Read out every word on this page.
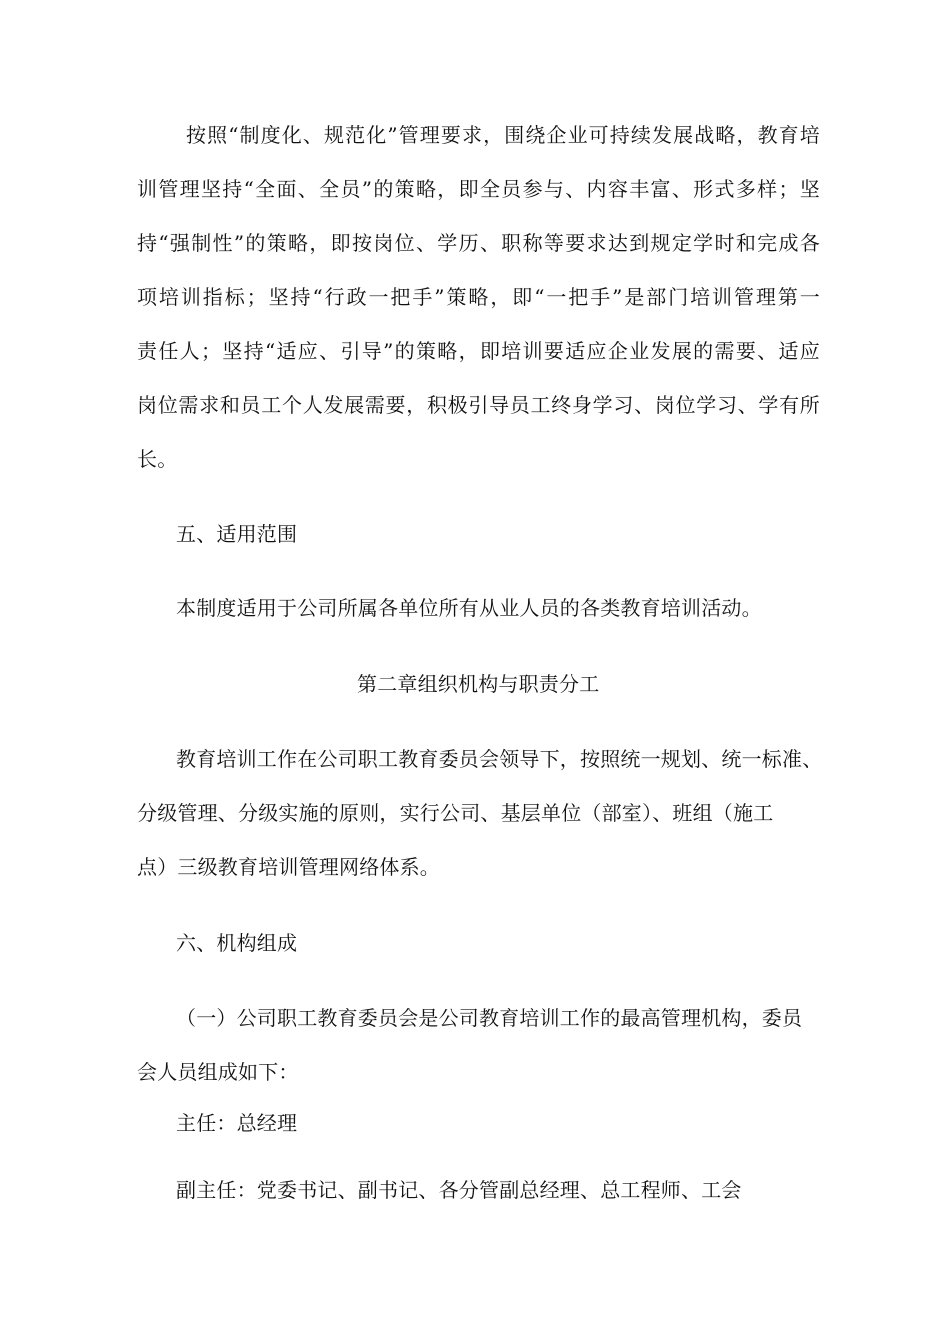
按照“制度化、规范化”管理要求，围绕企业可持续发展战略，教育培
训管理坚持“全面、全员”的策略，即全员参与、内容丰富、形式多样；坚
持“强制性”的策略，即按岗位、学历、职称等要求达到规定学时和完成各
项培训指标；坚持“行政一把手”策略，即“一把手”是部门培训管理第一
责任人；坚持“适应、引导”的策略，即培训要适应企业发展的需要、适应
岗位需求和员工个人发展需要，积极引导员工终身学习、岗位学习、学有所
长。
五、适用范围
本制度适用于公司所属各单位所有从业人员的各类教育培训活动。
第二章组织机构与职责分工
教育培训工作在公司职工教育委员会领导下，按照统一规划、统一标准、
分级管理、分级实施的原则，实行公司、基层单位（部室）、班组（施工
点）三级教育培训管理网络体系。
六、机构组成
（一）公司职工教育委员会是公司教育培训工作的最高管理机构，委员
会人员组成如下：
主任：总经理
副主任：党委书记、副书记、各分管副总经理、总工程师、工会
